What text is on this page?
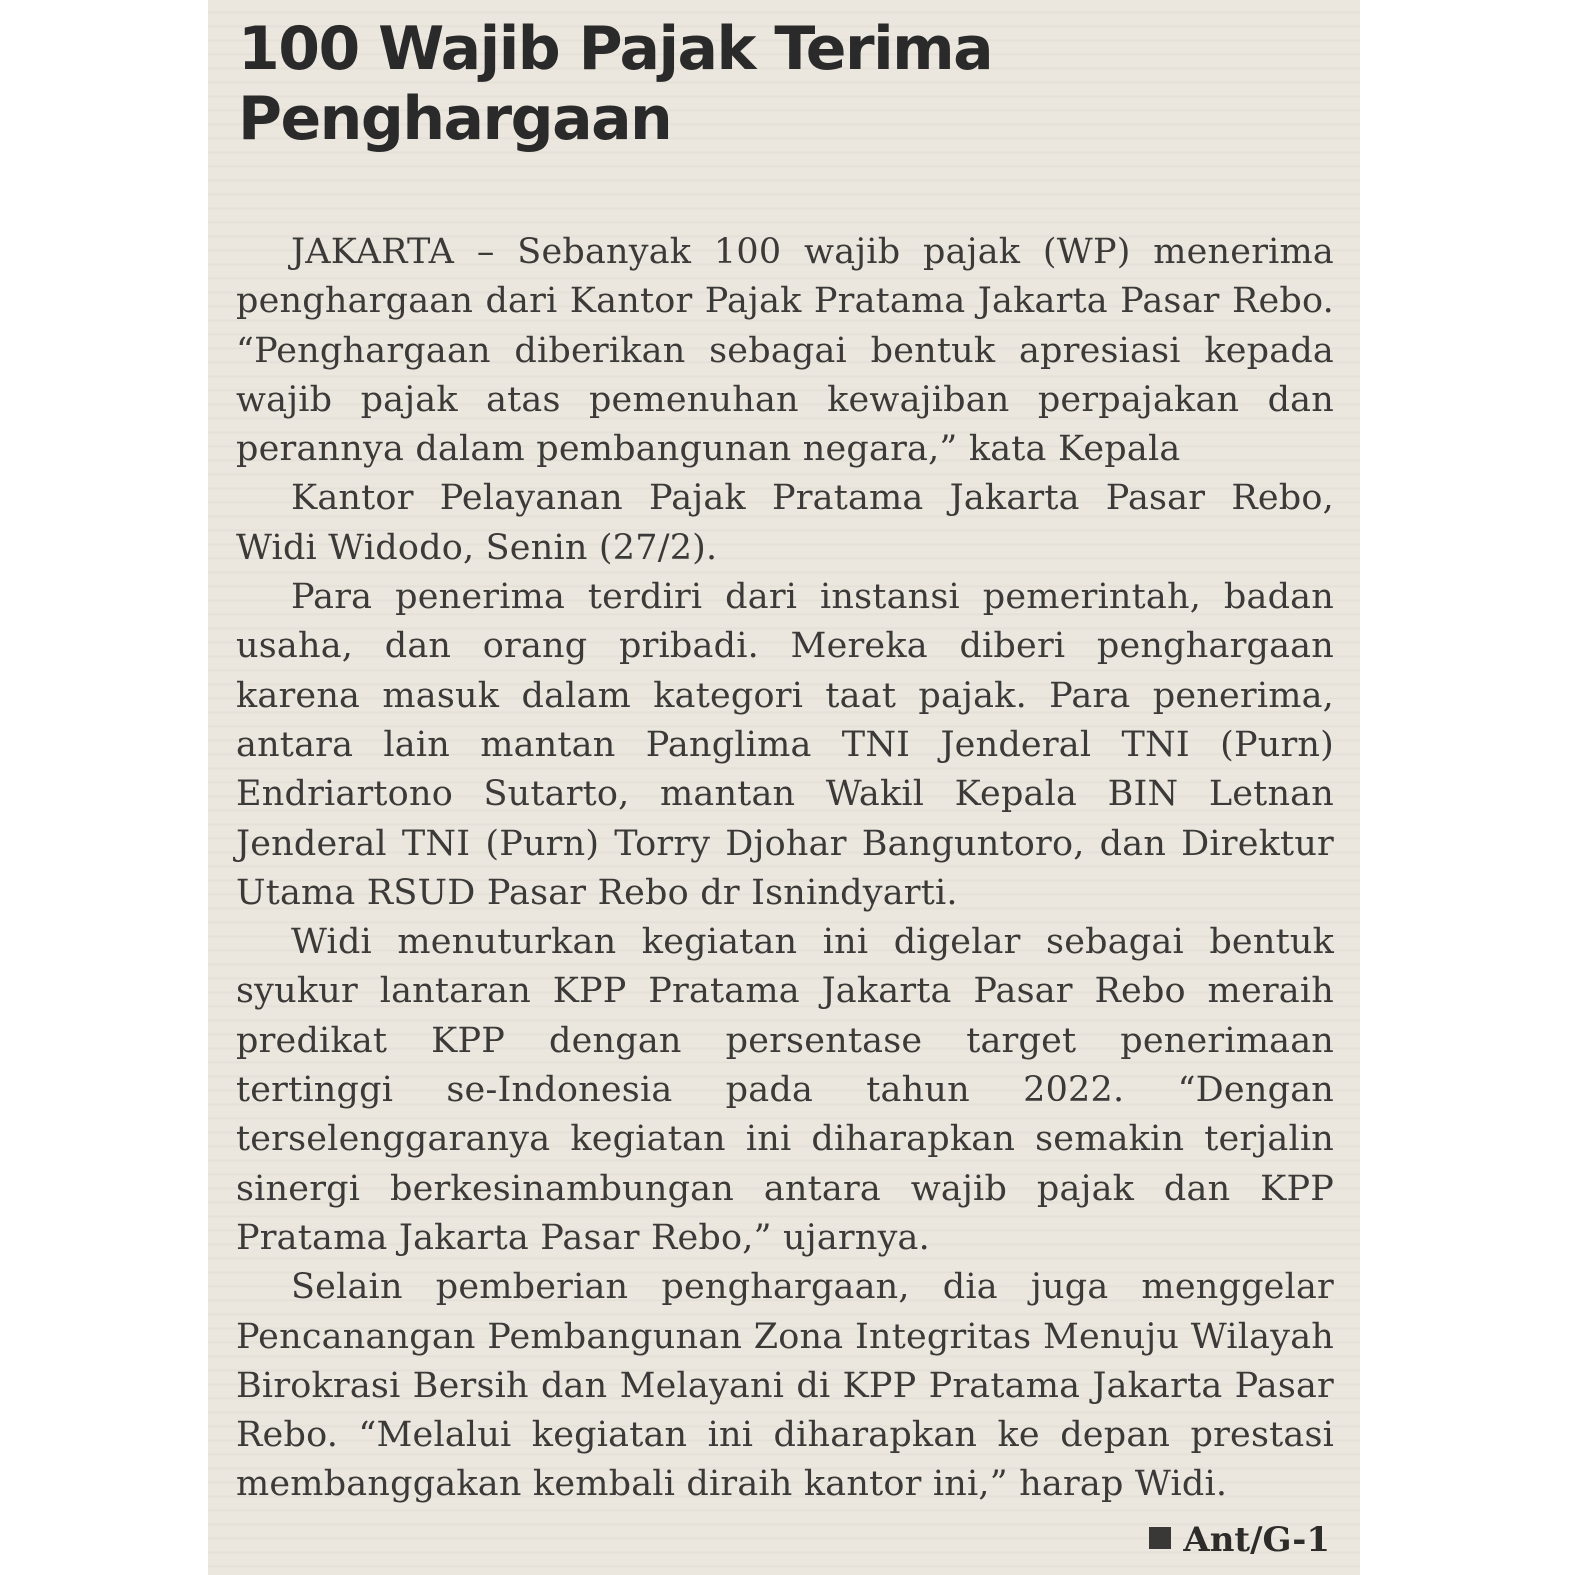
100 Wajib Pajak Terima Penghargaan

JAKARTA – Sebanyak 100 wajib pajak (WP) menerima penghargaan dari Kantor Pajak Pratama Jakarta Pasar Rebo. “Penghargaan diberikan sebagai bentuk apresiasi kepada wajib pajak atas pemenuhan kewajiban perpajakan dan perannya dalam pembangunan negara,” kata Kepala

Kantor Pelayanan Pajak Pratama Jakarta Pasar Rebo, Widi Widodo, Senin (27/2).

Para penerima terdiri dari instansi pemerintah, badan usaha, dan orang pribadi. Mereka diberi penghargaan karena masuk dalam kategori taat pajak. Para penerima, antara lain mantan Panglima TNI Jenderal TNI (Purn) Endriartono Sutarto, mantan Wakil Kepala BIN Letnan Jenderal TNI (Purn) Torry Djohar Banguntoro, dan Direktur Utama RSUD Pasar Rebo dr Isnindyarti.

Widi menuturkan kegiatan ini digelar sebagai bentuk syukur lantaran KPP Pratama Jakarta Pasar Rebo meraih predikat KPP dengan persentase target penerimaan tertinggi se-Indonesia pada tahun 2022. “Dengan terselenggaranya kegiatan ini diharapkan semakin terjalin sinergi berkesinambungan antara wajib pajak dan KPP Pratama Jakarta Pasar Rebo,” ujarnya.

Selain pemberian penghargaan, dia juga menggelar Pencanangan Pembangunan Zona Integritas Menuju Wilayah Birokrasi Bersih dan Melayani di KPP Pratama Jakarta Pasar Rebo. “Melalui kegiatan ini diharapkan ke depan prestasi membanggakan kembali diraih kantor ini,” harap Widi.

Ant/G-1
